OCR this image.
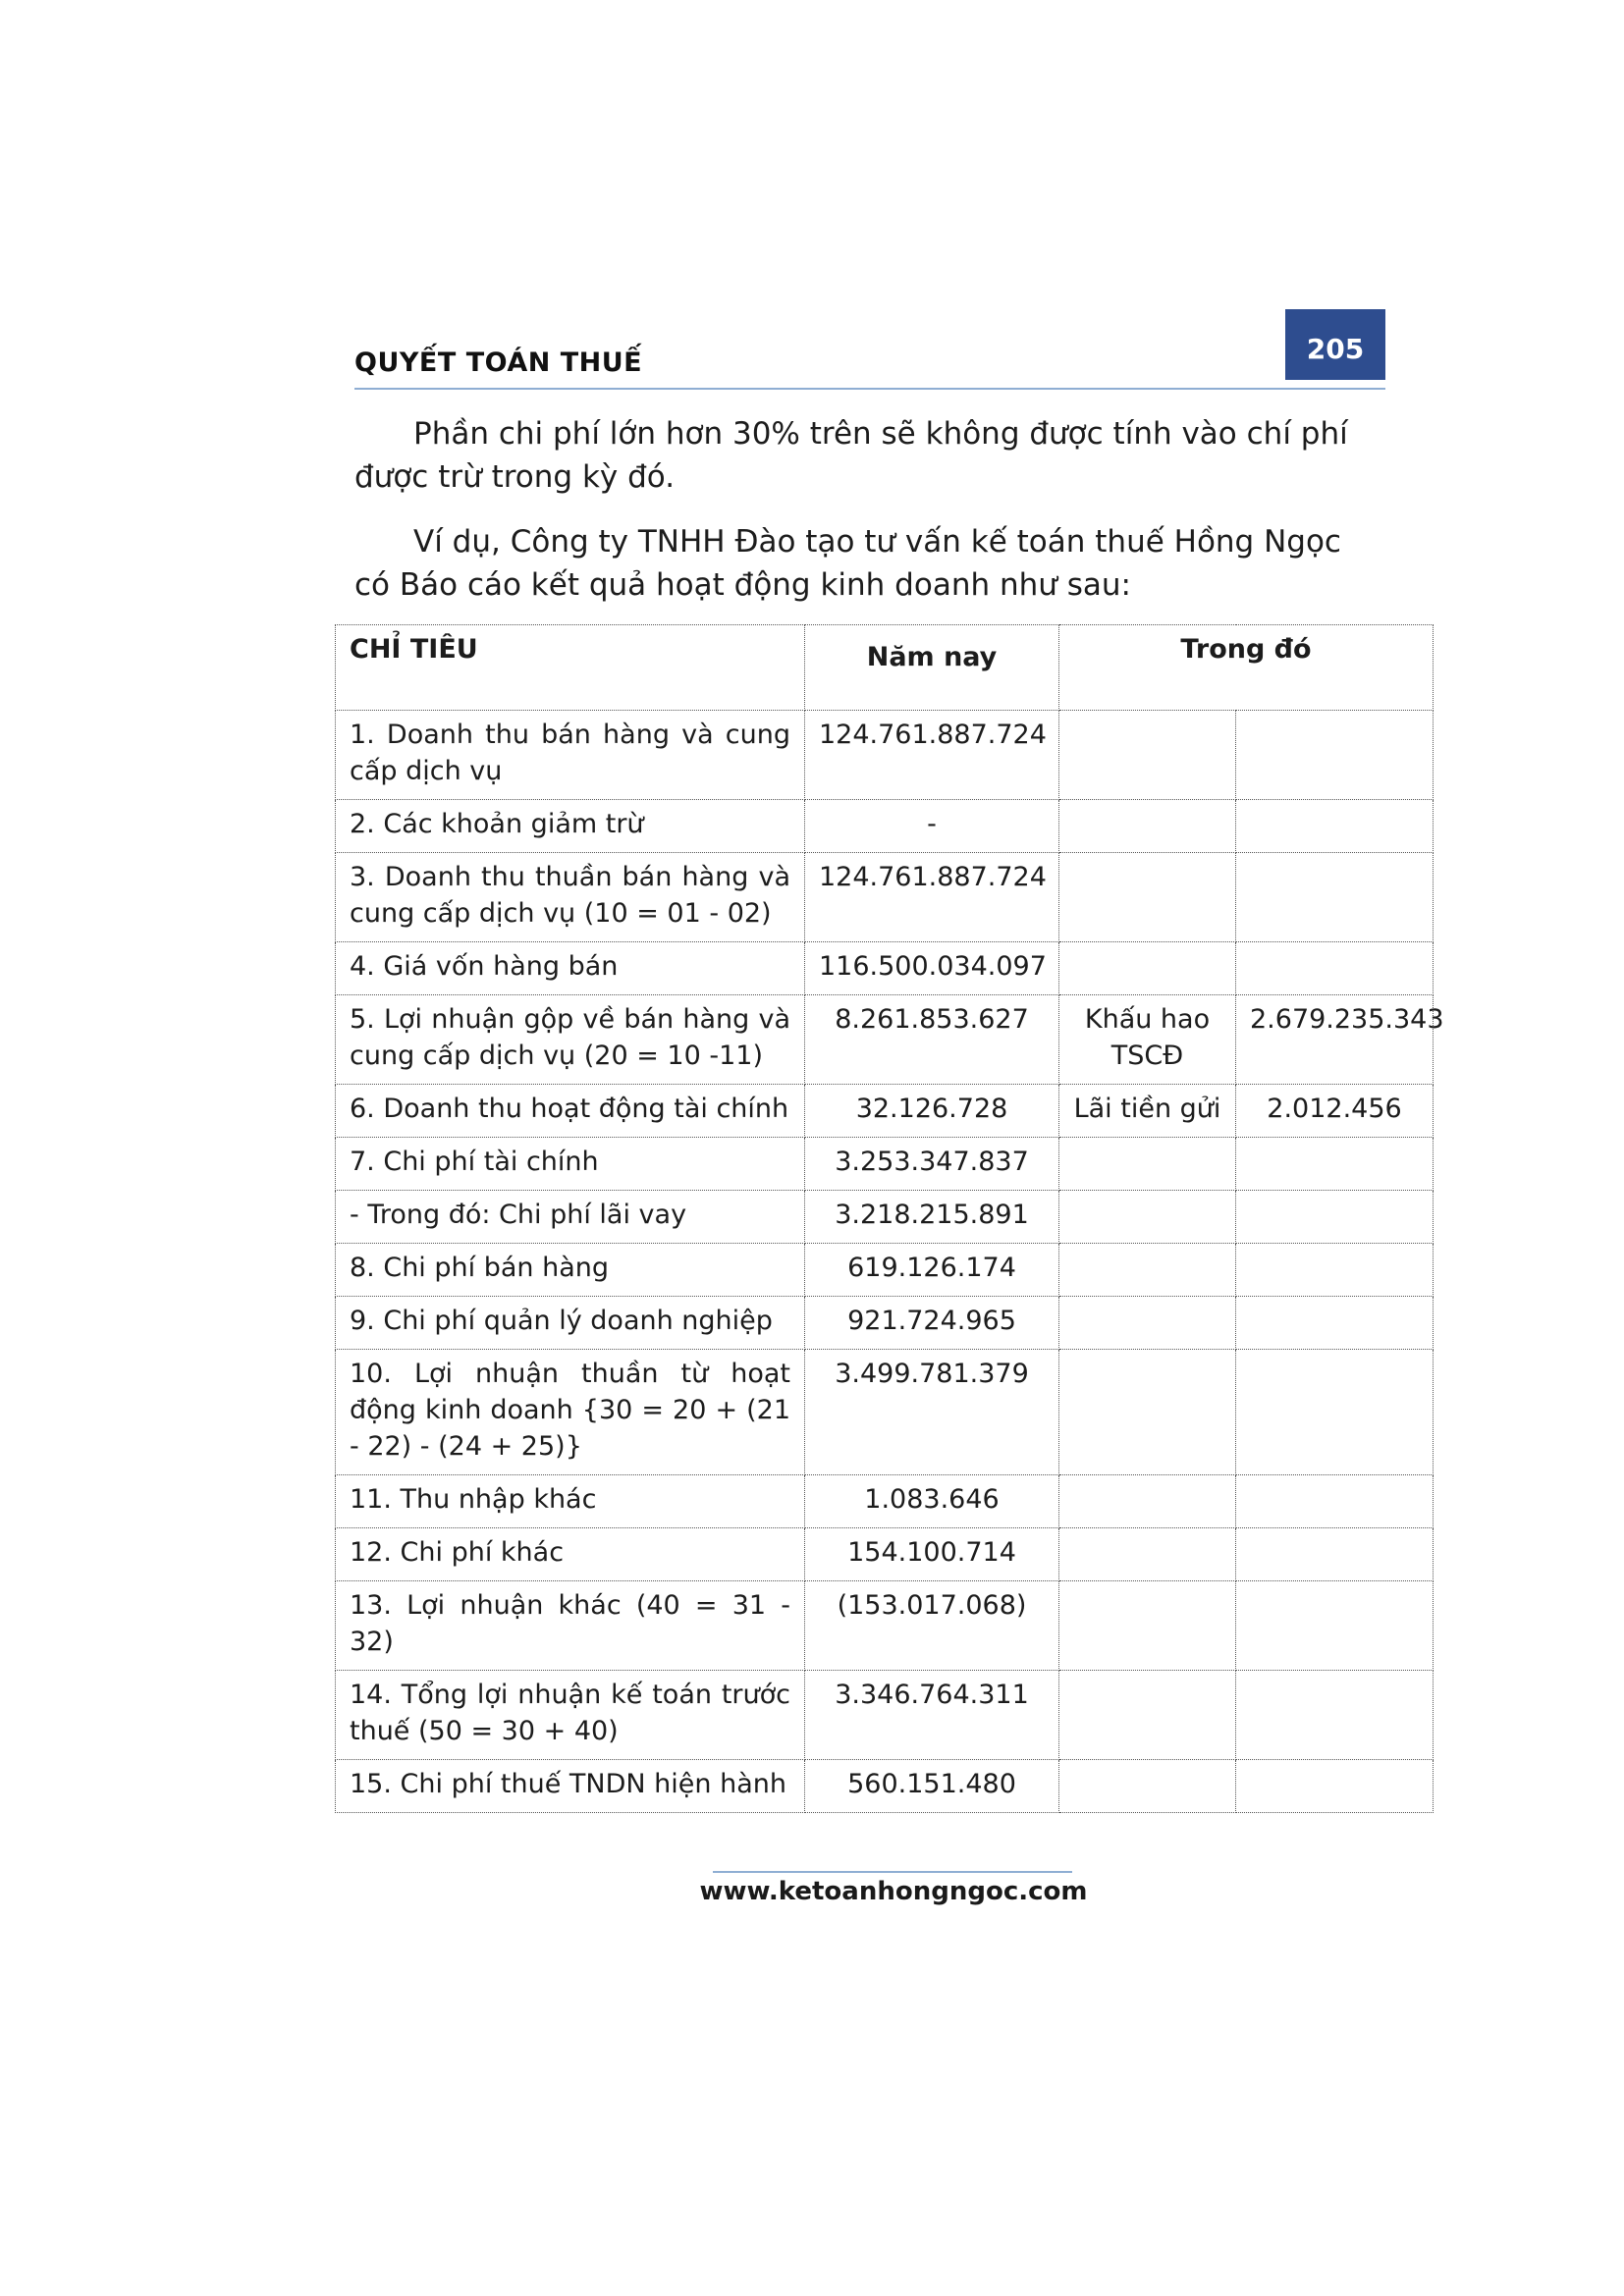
QUYẾT TOÁN THUẾ	205

Phần chi phí lớn hơn 30% trên sẽ không được tính vào chí phí được trừ trong kỳ đó.

Ví dụ, Công ty TNHH Đào tạo tư vấn kế toán thuế Hồng Ngọc có Báo cáo kết quả hoạt động kinh doanh như sau:

CHỈ TIÊU	Năm nay	Trong đó	
1. Doanh thu bán hàng và cung cấp dịch vụ	124.761.887.724		
2. Các khoản giảm trừ	-		
3. Doanh thu thuần bán hàng và cung cấp dịch vụ (10 = 01 - 02)	124.761.887.724		
4. Giá vốn hàng bán	116.500.034.097		
5. Lợi nhuận gộp về bán hàng và cung cấp dịch vụ (20 = 10 -11)	8.261.853.627	Khấu hao TSCĐ	2.679.235.343
6. Doanh thu hoạt động tài chính	32.126.728	Lãi tiền gửi	2.012.456
7. Chi phí tài chính	3.253.347.837		
- Trong đó: Chi phí lãi vay	3.218.215.891		
8. Chi phí bán hàng	619.126.174		
9. Chi phí quản lý doanh nghiệp	921.724.965		
10. Lợi nhuận thuần từ hoạt động kinh doanh {30 = 20 + (21 - 22) - (24 + 25)}	3.499.781.379		
11. Thu nhập khác	1.083.646		
12. Chi phí khác	154.100.714		
13. Lợi nhuận khác (40 = 31 - 32)	(153.017.068)		
14. Tổng lợi nhuận kế toán trước thuế (50 = 30 + 40)	3.346.764.311		
15. Chi phí thuế TNDN hiện hành	560.151.480		
www.ketoanhongngoc.com
